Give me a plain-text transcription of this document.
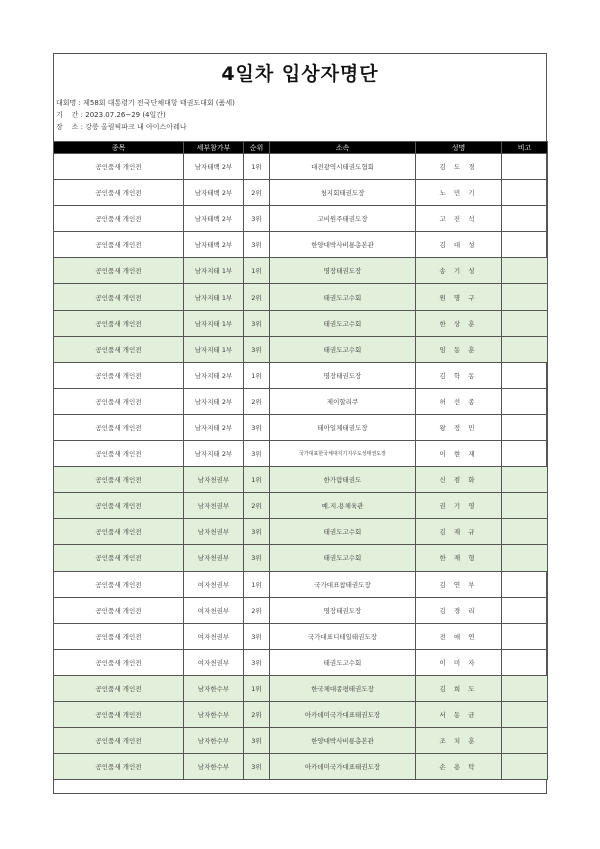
4일차 입상자명단
대회명 : 제58회 대통령기 전국단체대항 태권도대회 (품세)
기    간 : 2023.07.26~29 (4일간)
장    소 : 강릉 올림픽파크 내 아이스아레나
종목	세부참가부	순위	소속	성명	비고
공인품새 개인전	남자태백 2부	1위	대전광역시태권도협회	김 도 경	
공인품새 개인전	남자태백 2부	2위	청지회태권도장	노 민 기	
공인품새 개인전	남자태백 2부	3위	고비원주태권도장	고 진 석	
공인품새 개인전	남자태백 2부	3위	한양대박사비룡총본관	김 대 성	
공인품새 개인전	남자지태 1부	1위	명장태권도장	송 기 성	
공인품새 개인전	남자지태 1부	2위	태권도고수회	원 명 구	
공인품새 개인전	남자지태 1부	3위	태권도고수회	한 상 훈	
공인품새 개인전	남자지태 1부	3위	태권도고수회	임 동 훈	
공인품새 개인전	남자지태 2부	1위	명장태권도장	김 학 동	
공인품새 개인전	남자지태 2부	2위	제이할리쿠	허 선 종	
공인품새 개인전	남자지태 2부	3위	태아일체태권도장	왕 정 민	
공인품새 개인전	남자지태 2부	3위	국가대표한국체대지기지우도성태권도장	이 현 재	
공인품새 개인전	남자천권부	1위	한가람태권도	신 점 화	
공인품새 개인전	남자천권부	2위	예.지.용체육관	권 기 영	
공인품새 개인전	남자천권부	3위	태권도고수회	김 재 규	
공인품새 개인전	남자천권부	3위	태권도고수회	한 재 형	
공인품새 개인전	여자천권부	1위	국가대표참태권도장	김 연 부	
공인품새 개인전	여자천권부	2위	명장태권도장	김 경 리	
공인품새 개인전	여자천권부	3위	국가대표디테일태권도장	전 애 연	
공인품새 개인전	여자천권부	3위	태권도고수회	이 미 자	
공인품새 개인전	남자한수부	1위	한국체대종평태권도장	김 희 도	
공인품새 개인전	남자한수부	2위	아카데미국가대표태권도장	서 동 균	
공인품새 개인전	남자한수부	3위	한양대박사비룡총본관	조 치 훈	
공인품새 개인전	남자한수부	3위	아카데미국가대표태권도장	손 용 탁	
